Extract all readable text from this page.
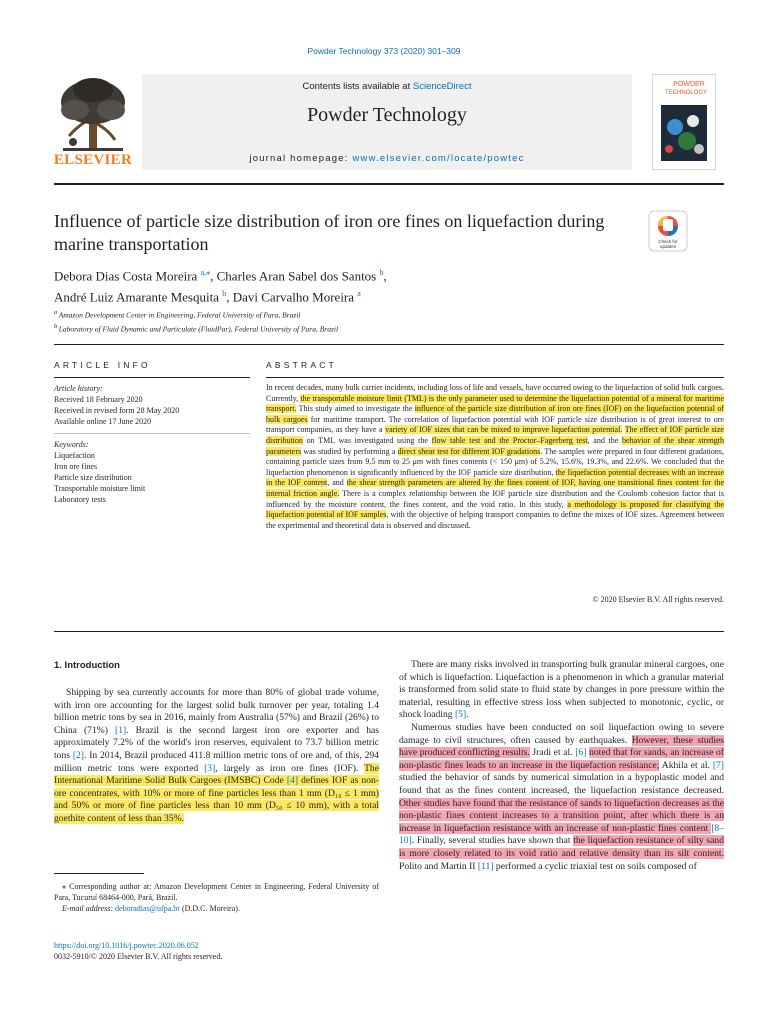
Powder Technology 373 (2020) 301–309
ELSEVIER
Contents lists available at ScienceDirect
Powder Technology
journal homepage: www.elsevier.com/locate/powtec
POWDER
TECHNOLOGY
Influence of particle size distribution of iron ore fines on liquefaction during marine transportation	Check for
updates
Debora Dias Costa Moreira $^{a,⁎}$, Charles Aran Sabel dos Santos $^b$,
André Luiz Amarante Mesquita $^b$, Davi Carvalho Moreira $^a$
$^a$ Amazon Development Center in Engineering, Federal University of Para, Brazil
$^b$ Laboratory of Fluid Dynamic and Particulate (FluidPar), Federal University of Para, Brazil
ARTICLE INFO	ABSTRACT
Article history:
Received 18 February 2020
Received in revised form 28 May 2020
Available online 17 June 2020
Keywords:
Liquefaction
Iron ore fines
Particle size distribution
Transportable moisture limit
Laboratory tests
In recent decades, many bulk carrier incidents, including loss of life and vessels, have occurred owing to the liquefaction of solid bulk cargoes. Currently, the transportable moisture limit (TML) is the only parameter used to determine the liquefaction potential of a mineral for maritime transport. This study aimed to investigate the influence of the particle size distribution of iron ore fines (IOF) on the liquefaction potential of bulk cargoes for maritime transport. The correlation of liquefaction potential with IOF particle size distribution is of great interest to ore transport companies, as they have a variety of IOF sizes that can be mixed to improve liquefaction potential. The effect of IOF particle size distribution on TML was investigated using the flow table test and the Proctor–Fagerberg test, and the behavior of the shear strength parameters was studied by performing a direct shear test for different IOF gradations. The samples were prepared in four different gradations, containing particle sizes from 9.5 mm to 25 μm with fines contents (< 150 μm) of 5.2%, 15.6%, 19.3%, and 22.6%. We concluded that the liquefaction phenomenon is significantly influenced by the IOF particle size distribution, the liquefaction potential decreases with an increase in the IOF content, and the shear strength parameters are altered by the fines content of IOF, having one transitional fines content for the internal friction angle. There is a complex relationship between the IOF particle size distribution and the Coulomb cohesion factor that is influenced by the moisture content, the fines content, and the void ratio. In this study, a methodology is proposed for classifying the liquefaction potential of IOF samples, with the objective of helping transport companies to define the mixes of IOF sizes. Agreement between the experimental and theoretical data is observed and discussed.
© 2020 Elsevier B.V. All rights reserved.
1. Introduction

Shipping by sea currently accounts for more than 80% of global trade volume, with iron ore accounting for the largest solid bulk turnover per year, totaling 1.4 billion metric tons by sea in 2016, mainly from Australia (57%) and Brazil (26%) to China (71%) [1]. Brazil is the second largest iron ore exporter and has approximately 7.2% of the world's iron reserves, equivalent to 73.7 billion metric tons [2]. In 2014, Brazil produced 411.8 million metric tons of ore and, of this, 294 million metric tons were exported [3], largely as iron ore fines (IOF). The International Maritime Solid Bulk Cargoes (IMSBC) Code [4] defines IOF as non-ore concentrates, with 10% or more of fine particles less than 1 mm (D₁₀ ≤ 1 mm) and 50% or more of fine particles less than 10 mm (D₅₀ ≤ 10 mm), with a total goethite content of less than 35%.

There are many risks involved in transporting bulk granular mineral cargoes, one of which is liquefaction. Liquefaction is a phenomenon in which a granular material is transformed from solid state to fluid state by changes in pore pressure within the material, resulting in effective stress loss when subjected to monotonic, cyclic, or shock loading [5].

Numerous studies have been conducted on soil liquefaction owing to severe damage to civil structures, often caused by earthquakes. However, these studies have produced conflicting results. Jradi et al. [6] noted that for sands, an increase of non-plastic fines leads to an increase in the liquefaction resistance; Akhila et al. [7] studied the behavior of sands by numerical simulation in a hypoplastic model and found that as the fines content increased, the liquefaction resistance decreased. Other studies have found that the resistance of sands to liquefaction decreases as the non-plastic fines content increases to a transition point, after which there is an increase in liquefaction resistance with an increase of non-plastic fines content [8–10]. Finally, several studies have shown that the liquefaction resistance of silty sand is more closely related to its void ratio and relative density than its silt content. Polito and Martin II [11] performed a cyclic triaxial test on soils composed of

⁎ Corresponding author at: Amazon Development Center in Engineering, Federal University of Para, Tucuruí 68464-000, Pará, Brazil.
E-mail address: deboradias@ufpa.br (D.D.C. Moreira).
https://doi.org/10.1016/j.powtec.2020.06.052
0032-5910/© 2020 Elsevier B.V. All rights reserved.
